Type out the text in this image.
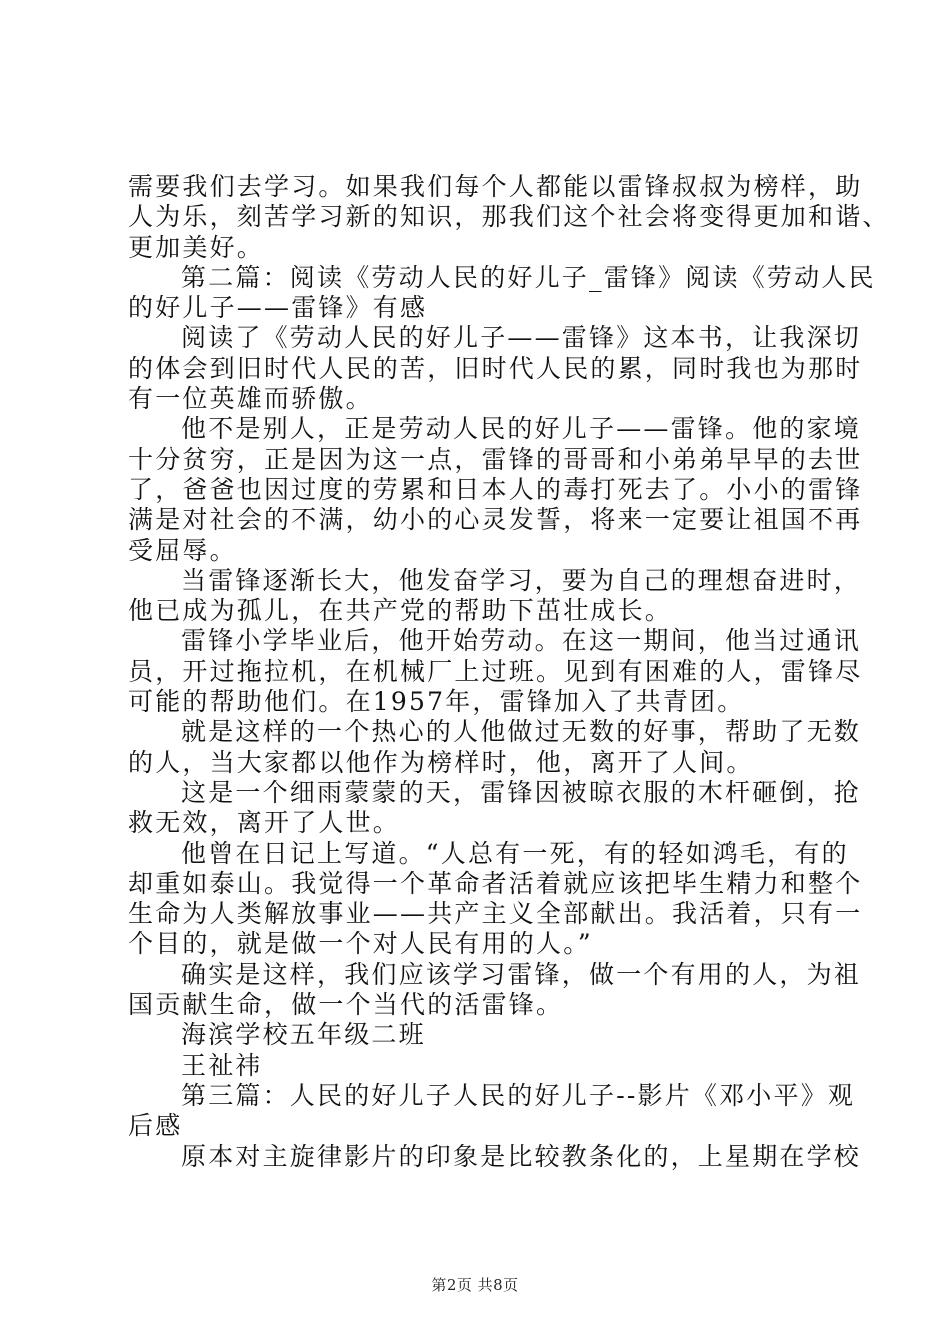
需要我们去学习。如果我们每个人都能以雷锋叔叔为榜样，助
人为乐，刻苦学习新的知识，那我们这个社会将变得更加和谐、
更加美好。
第二篇：阅读《劳动人民的好儿子_雷锋》阅读《劳动人民
的好儿子——雷锋》有感
阅读了《劳动人民的好儿子——雷锋》这本书，让我深切
的体会到旧时代人民的苦，旧时代人民的累，同时我也为那时
有一位英雄而骄傲。
他不是别人，正是劳动人民的好儿子——雷锋。他的家境
十分贫穷，正是因为这一点，雷锋的哥哥和小弟弟早早的去世
了，爸爸也因过度的劳累和日本人的毒打死去了。小小的雷锋
满是对社会的不满，幼小的心灵发誓，将来一定要让祖国不再
受屈辱。
当雷锋逐渐长大，他发奋学习，要为自己的理想奋进时，
他已成为孤儿，在共产党的帮助下茁壮成长。
雷锋小学毕业后，他开始劳动。在这一期间，他当过通讯
员，开过拖拉机，在机械厂上过班。见到有困难的人，雷锋尽
可能的帮助他们。在1957年，雷锋加入了共青团。
就是这样的一个热心的人他做过无数的好事，帮助了无数
的人，当大家都以他作为榜样时，他，离开了人间。
这是一个细雨蒙蒙的天，雷锋因被晾衣服的木杆砸倒，抢
救无效，离开了人世。
他曾在日记上写道。“人总有一死，有的轻如鸿毛，有的
却重如泰山。我觉得一个革命者活着就应该把毕生精力和整个
生命为人类解放事业——共产主义全部献出。我活着，只有一
个目的，就是做一个对人民有用的人。”
确实是这样，我们应该学习雷锋，做一个有用的人，为祖
国贡献生命，做一个当代的活雷锋。
海滨学校五年级二班
王祉祎
第三篇：人民的好儿子人民的好儿子--影片《邓小平》观
后感
原本对主旋律影片的印象是比较教条化的，上星期在学校
第2页 共8页
